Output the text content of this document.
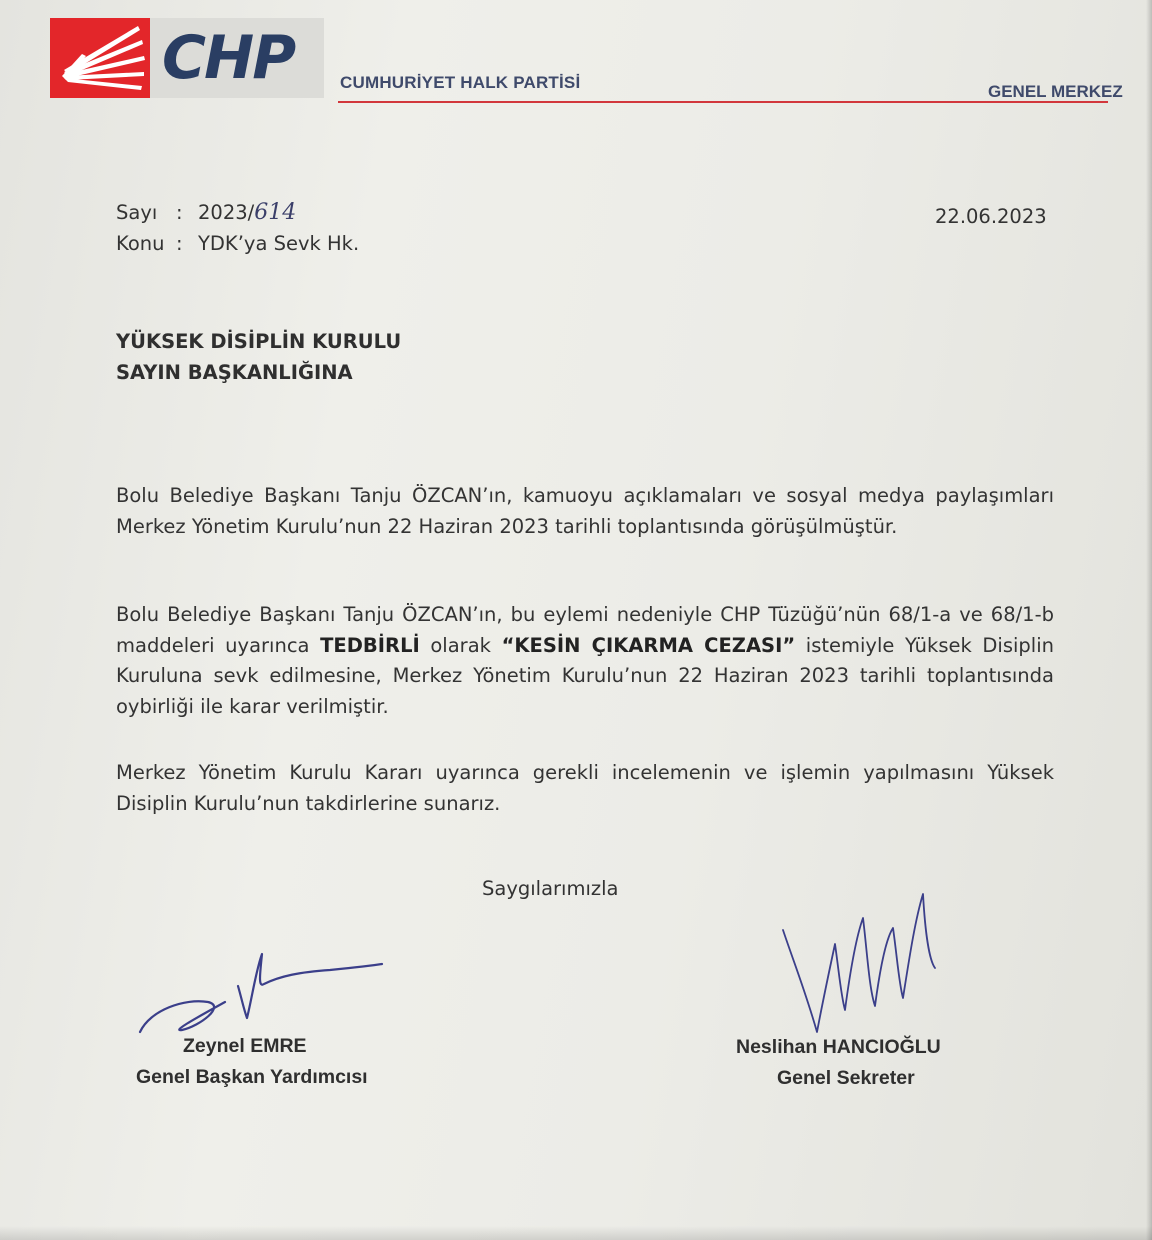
CHP	CUMHURİYET HALK PARTİSİ	GENEL MERKEZ
Sayı : 2023/614
Konu : YDK’ya Sevk Hk.
22.06.2023
YÜKSEK DİSİPLİN KURULU
SAYIN BAŞKANLIĞINA
Bolu Belediye Başkanı Tanju ÖZCAN’ın, kamuoyu açıklamaları ve sosyal medya paylaşımları Merkez Yönetim Kurulu’nun 22 Haziran 2023 tarihli toplantısında görüşülmüştür.
Bolu Belediye Başkanı Tanju ÖZCAN’ın, bu eylemi nedeniyle CHP Tüzüğü’nün 68/1-a ve 68/1-b maddeleri uyarınca TEDBİRLİ olarak “KESİN ÇIKARMA CEZASI” istemiyle Yüksek Disiplin Kuruluna sevk edilmesine, Merkez Yönetim Kurulu’nun 22 Haziran 2023 tarihli toplantısında oybirliği ile karar verilmiştir.
Merkez Yönetim Kurulu Kararı uyarınca gerekli incelemenin ve işlemin yapılmasını Yüksek Disiplin Kurulu’nun takdirlerine sunarız.
Saygılarımızla
Zeynel EMRE
Genel Başkan Yardımcısı
Neslihan HANCIOĞLU
Genel Sekreter
